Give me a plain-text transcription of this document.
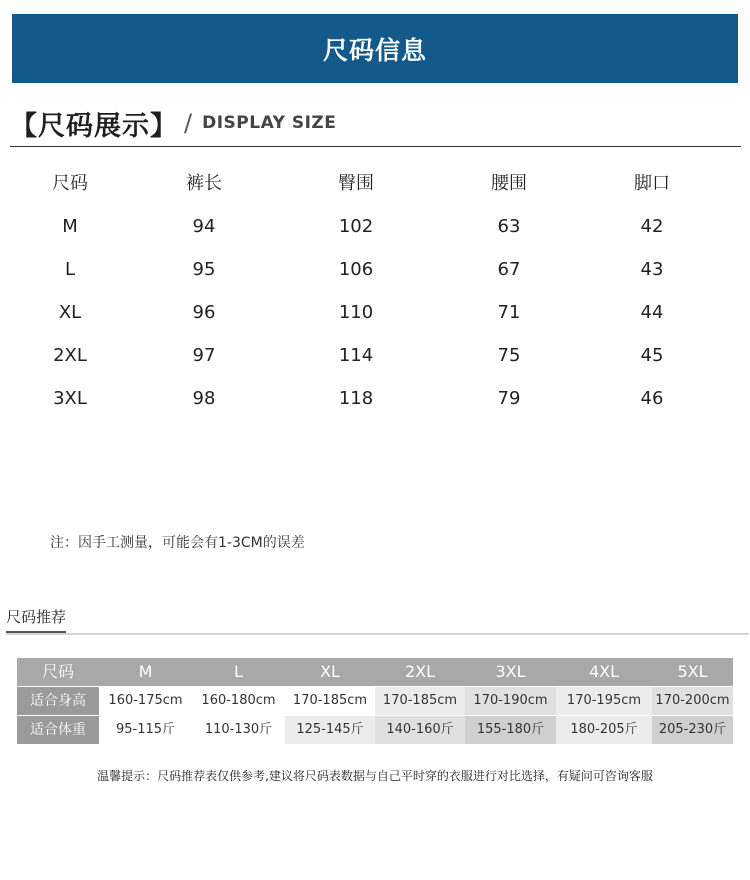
尺码信息
【尺码展示】 / DISPLAY SIZE
尺码	裤长	臀围	腰围	脚口
M	94	102	63	42
L	95	106	67	43
XL	96	110	71	44
2XL	97	114	75	45
3XL	98	118	79	46
注：因手工测量，可能会有1-3CM的误差
尺码推荐
尺码	M	L	XL	2XL	3XL	4XL	5XL
适合身高	160-175cm	160-180cm	170-185cm	170-185cm	170-190cm	170-195cm	170-200cm
适合体重	95-115斤	110-130斤	125-145斤	140-160斤	155-180斤	180-205斤	205-230斤
温馨提示：尺码推荐表仅供参考,建议将尺码表数据与自己平时穿的衣服进行对比选择，有疑问可咨询客服
